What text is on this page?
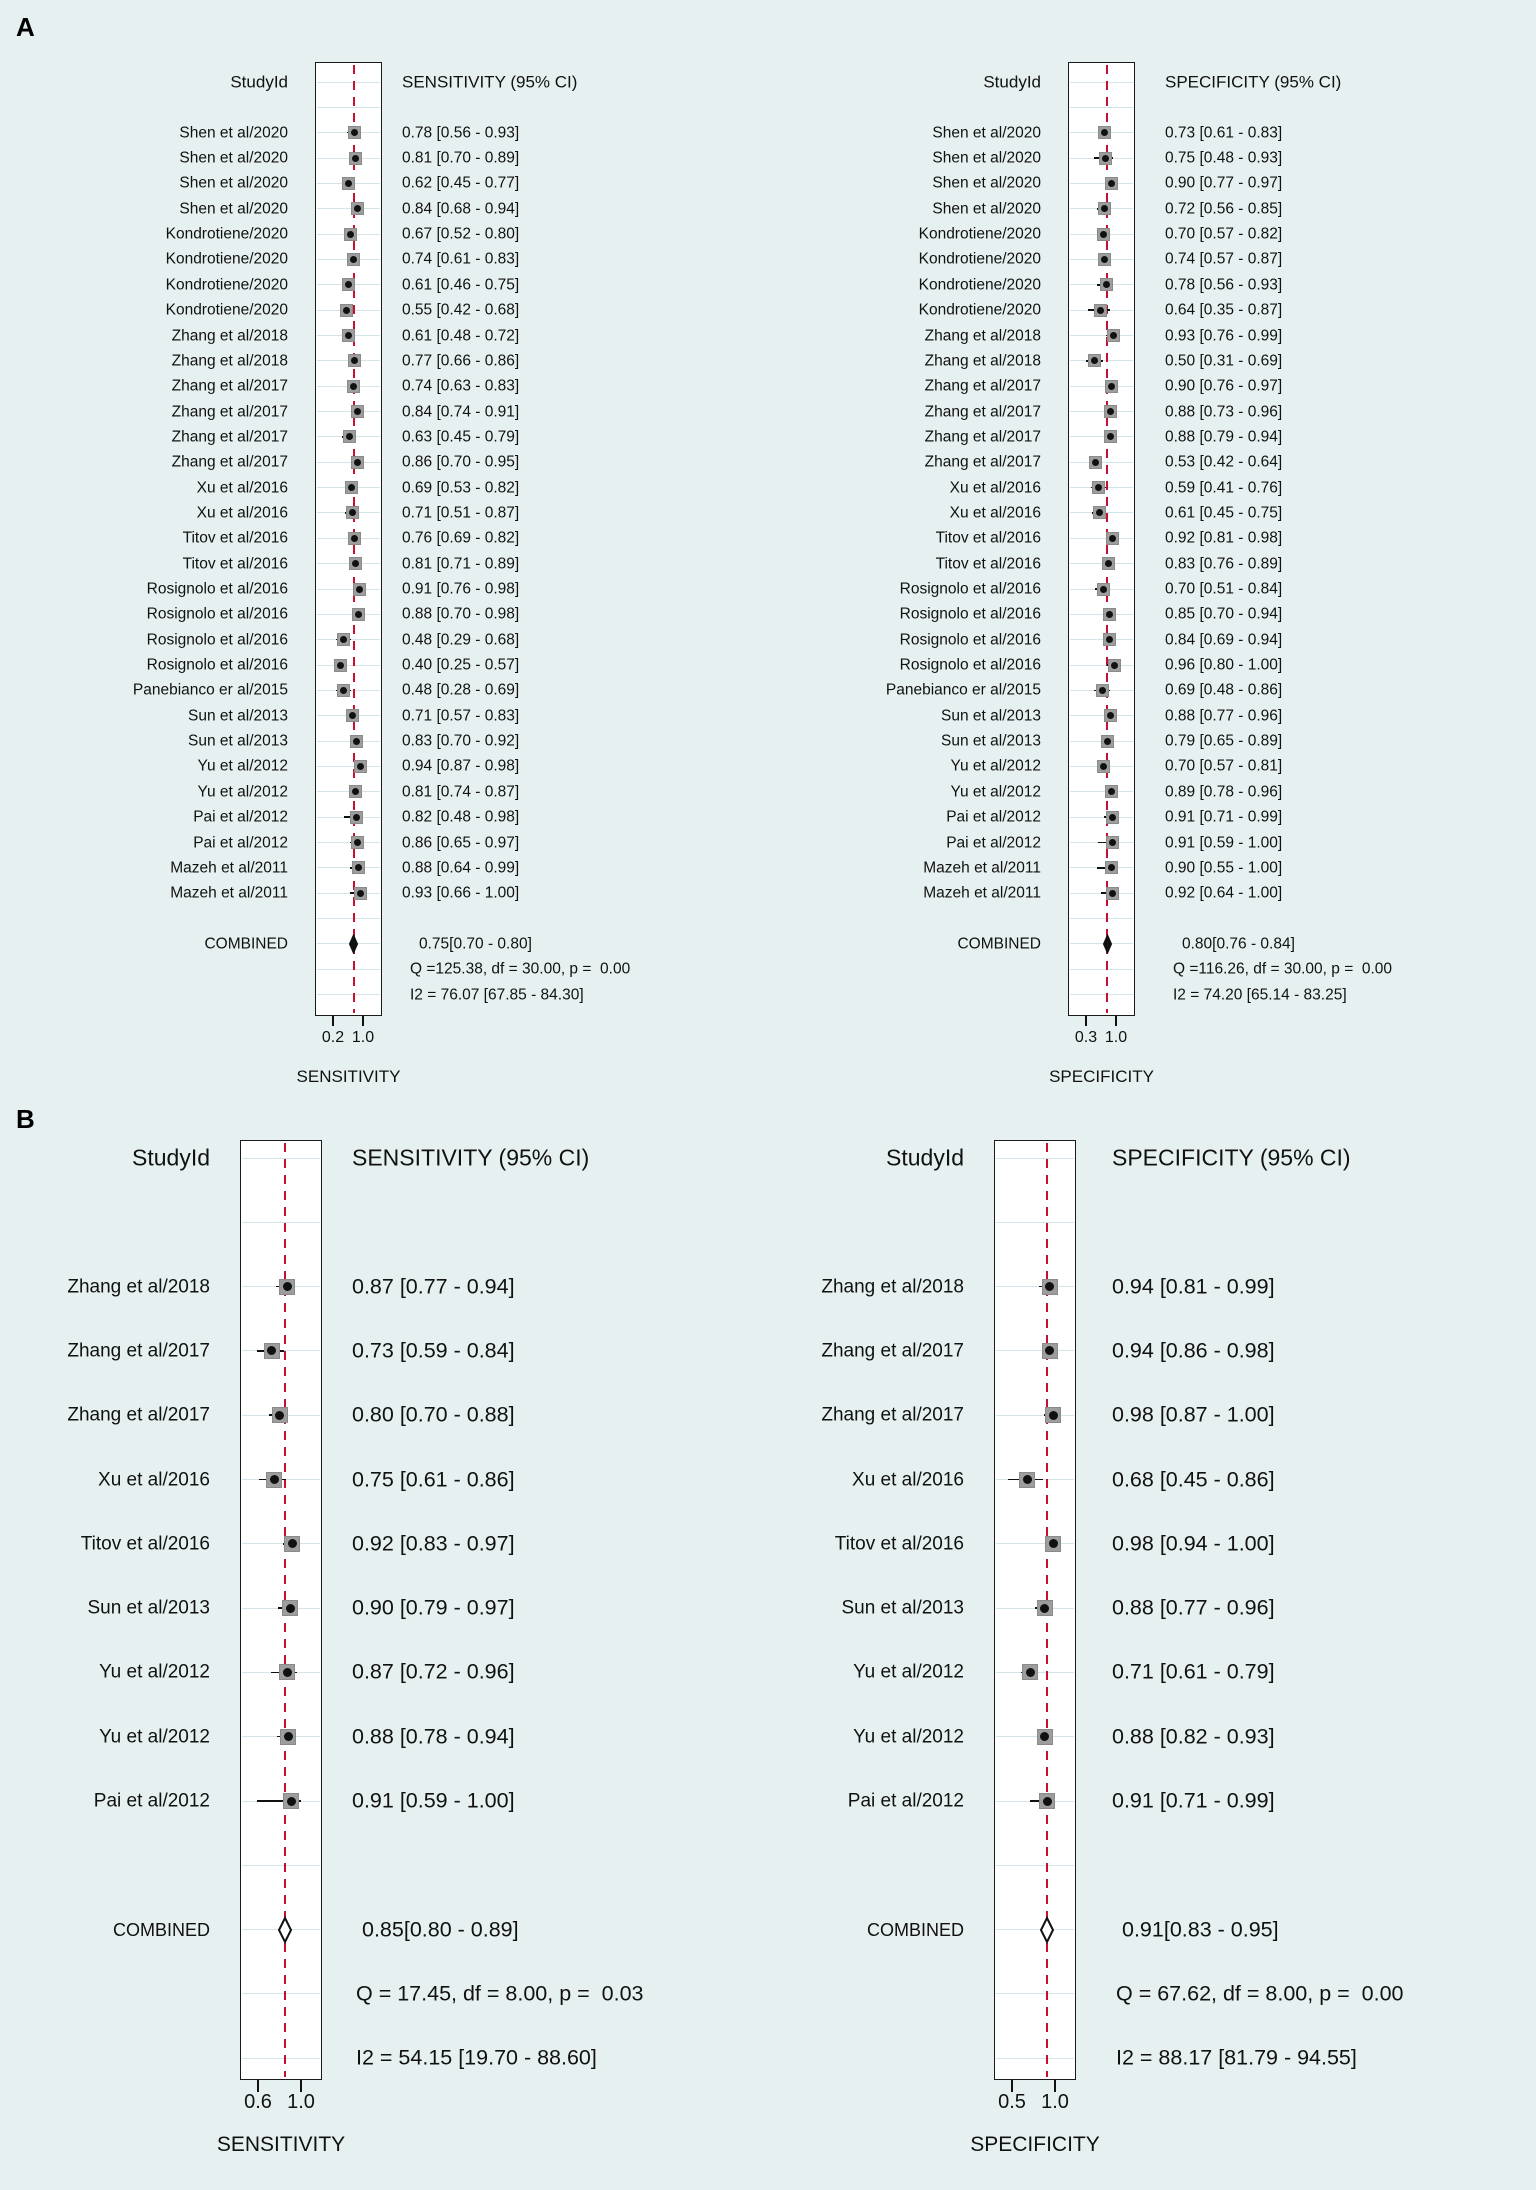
A
B
StudyId	SENSITIVITY (95% CI)
Shen et al/2020	0.78 [0.56 - 0.93]
Shen et al/2020	0.81 [0.70 - 0.89]
Shen et al/2020	0.62 [0.45 - 0.77]
Shen et al/2020	0.84 [0.68 - 0.94]
Kondrotiene/2020	0.67 [0.52 - 0.80]
Kondrotiene/2020	0.74 [0.61 - 0.83]
Kondrotiene/2020	0.61 [0.46 - 0.75]
Kondrotiene/2020	0.55 [0.42 - 0.68]
Zhang et al/2018	0.61 [0.48 - 0.72]
Zhang et al/2018	0.77 [0.66 - 0.86]
Zhang et al/2017	0.74 [0.63 - 0.83]
Zhang et al/2017	0.84 [0.74 - 0.91]
Zhang et al/2017	0.63 [0.45 - 0.79]
Zhang et al/2017	0.86 [0.70 - 0.95]
Xu et al/2016	0.69 [0.53 - 0.82]
Xu et al/2016	0.71 [0.51 - 0.87]
Titov et al/2016	0.76 [0.69 - 0.82]
Titov et al/2016	0.81 [0.71 - 0.89]
Rosignolo et al/2016	0.91 [0.76 - 0.98]
Rosignolo et al/2016	0.88 [0.70 - 0.98]
Rosignolo et al/2016	0.48 [0.29 - 0.68]
Rosignolo et al/2016	0.40 [0.25 - 0.57]
Panebianco er al/2015	0.48 [0.28 - 0.69]
Sun et al/2013	0.71 [0.57 - 0.83]
Sun et al/2013	0.83 [0.70 - 0.92]
Yu et al/2012	0.94 [0.87 - 0.98]
Yu et al/2012	0.81 [0.74 - 0.87]
Pai et al/2012	0.82 [0.48 - 0.98]
Pai et al/2012	0.86 [0.65 - 0.97]
Mazeh et al/2011	0.88 [0.64 - 0.99]
Mazeh et al/2011	0.93 [0.66 - 1.00]
COMBINED	0.75[0.70 - 0.80]
Q =125.38, df = 30.00, p =  0.00
I2 = 76.07 [67.85 - 84.30]
0.2 1.0
SENSITIVITY
StudyId	SPECIFICITY (95% CI)
Shen et al/2020	0.73 [0.61 - 0.83]
Shen et al/2020	0.75 [0.48 - 0.93]
Shen et al/2020	0.90 [0.77 - 0.97]
Shen et al/2020	0.72 [0.56 - 0.85]
Kondrotiene/2020	0.70 [0.57 - 0.82]
Kondrotiene/2020	0.74 [0.57 - 0.87]
Kondrotiene/2020	0.78 [0.56 - 0.93]
Kondrotiene/2020	0.64 [0.35 - 0.87]
Zhang et al/2018	0.93 [0.76 - 0.99]
Zhang et al/2018	0.50 [0.31 - 0.69]
Zhang et al/2017	0.90 [0.76 - 0.97]
Zhang et al/2017	0.88 [0.73 - 0.96]
Zhang et al/2017	0.88 [0.79 - 0.94]
Zhang et al/2017	0.53 [0.42 - 0.64]
Xu et al/2016	0.59 [0.41 - 0.76]
Xu et al/2016	0.61 [0.45 - 0.75]
Titov et al/2016	0.92 [0.81 - 0.98]
Titov et al/2016	0.83 [0.76 - 0.89]
Rosignolo et al/2016	0.70 [0.51 - 0.84]
Rosignolo et al/2016	0.85 [0.70 - 0.94]
Rosignolo et al/2016	0.84 [0.69 - 0.94]
Rosignolo et al/2016	0.96 [0.80 - 1.00]
Panebianco er al/2015	0.69 [0.48 - 0.86]
Sun et al/2013	0.88 [0.77 - 0.96]
Sun et al/2013	0.79 [0.65 - 0.89]
Yu et al/2012	0.70 [0.57 - 0.81]
Yu et al/2012	0.89 [0.78 - 0.96]
Pai et al/2012	0.91 [0.71 - 0.99]
Pai et al/2012	0.91 [0.59 - 1.00]
Mazeh et al/2011	0.90 [0.55 - 1.00]
Mazeh et al/2011	0.92 [0.64 - 1.00]
COMBINED	0.80[0.76 - 0.84]
Q =116.26, df = 30.00, p =  0.00
I2 = 74.20 [65.14 - 83.25]
0.3 1.0
SPECIFICITY
StudyId	SENSITIVITY (95% CI)
Zhang et al/2018	0.87 [0.77 - 0.94]
Zhang et al/2017	0.73 [0.59 - 0.84]
Zhang et al/2017	0.80 [0.70 - 0.88]
Xu et al/2016	0.75 [0.61 - 0.86]
Titov et al/2016	0.92 [0.83 - 0.97]
Sun et al/2013	0.90 [0.79 - 0.97]
Yu et al/2012	0.87 [0.72 - 0.96]
Yu et al/2012	0.88 [0.78 - 0.94]
Pai et al/2012	0.91 [0.59 - 1.00]
COMBINED	0.85[0.80 - 0.89]
Q = 17.45, df = 8.00, p =  0.03
I2 = 54.15 [19.70 - 88.60]
0.6 1.0
SENSITIVITY
StudyId	SPECIFICITY (95% CI)
Zhang et al/2018	0.94 [0.81 - 0.99]
Zhang et al/2017	0.94 [0.86 - 0.98]
Zhang et al/2017	0.98 [0.87 - 1.00]
Xu et al/2016	0.68 [0.45 - 0.86]
Titov et al/2016	0.98 [0.94 - 1.00]
Sun et al/2013	0.88 [0.77 - 0.96]
Yu et al/2012	0.71 [0.61 - 0.79]
Yu et al/2012	0.88 [0.82 - 0.93]
Pai et al/2012	0.91 [0.71 - 0.99]
COMBINED	0.91[0.83 - 0.95]
Q = 67.62, df = 8.00, p =  0.00
I2 = 88.17 [81.79 - 94.55]
0.5 1.0
SPECIFICITY
